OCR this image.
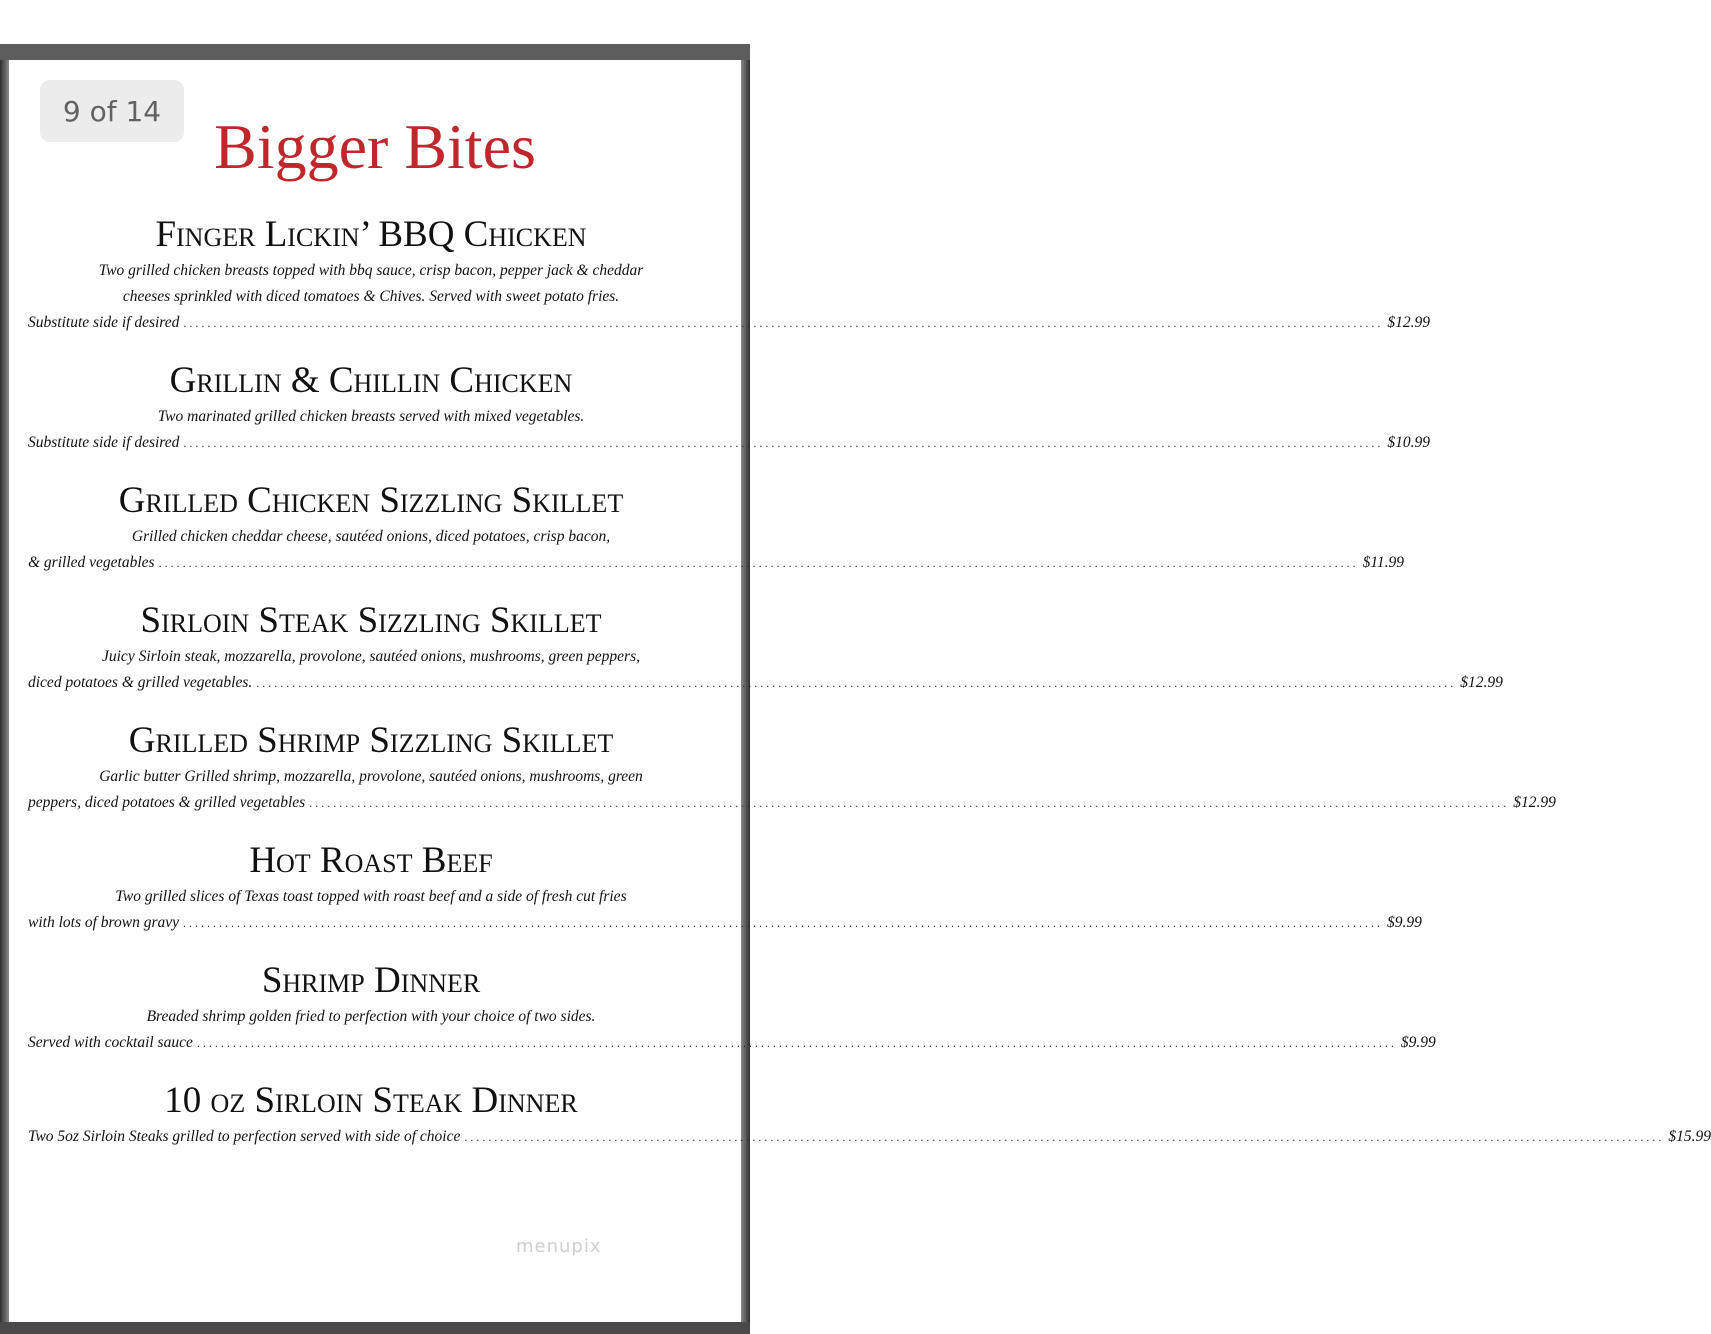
Bigger Bites
9 of 14
Finger Lickin’ BBQ Chicken
Two grilled chicken breasts topped with bbq sauce, crisp bacon, pepper jack & cheddar
cheeses sprinkled with diced tomatoes & Chives. Served with sweet potato fries.
Substitute side if desired ........................................................................................................................................................................................................ $12.99
Grillin & Chillin Chicken
Two marinated grilled chicken breasts served with mixed vegetables.
Substitute side if desired ........................................................................................................................................................................................................ $10.99
Grilled Chicken Sizzling Skillet
Grilled chicken cheddar cheese, sautéed onions, diced potatoes, crisp bacon,
& grilled vegetables ........................................................................................................................................................................................................ $11.99
Sirloin Steak Sizzling Skillet
Juicy Sirloin steak, mozzarella, provolone, sautéed onions, mushrooms, green peppers,
diced potatoes & grilled vegetables. ........................................................................................................................................................................................................ $12.99
Grilled Shrimp Sizzling Skillet
Garlic butter Grilled shrimp, mozzarella, provolone, sautéed onions, mushrooms, green
peppers, diced potatoes & grilled vegetables ........................................................................................................................................................................................................ $12.99
Hot Roast Beef
Two grilled slices of Texas toast topped with roast beef and a side of fresh cut fries
with lots of brown gravy ........................................................................................................................................................................................................ $9.99
Shrimp Dinner
Breaded shrimp golden fried to perfection with your choice of two sides.
Served with cocktail sauce ........................................................................................................................................................................................................ $9.99
10 oz Sirloin Steak Dinner
Two 5oz Sirloin Steaks grilled to perfection served with side of choice ........................................................................................................................................................................................................ $15.99
menupix
